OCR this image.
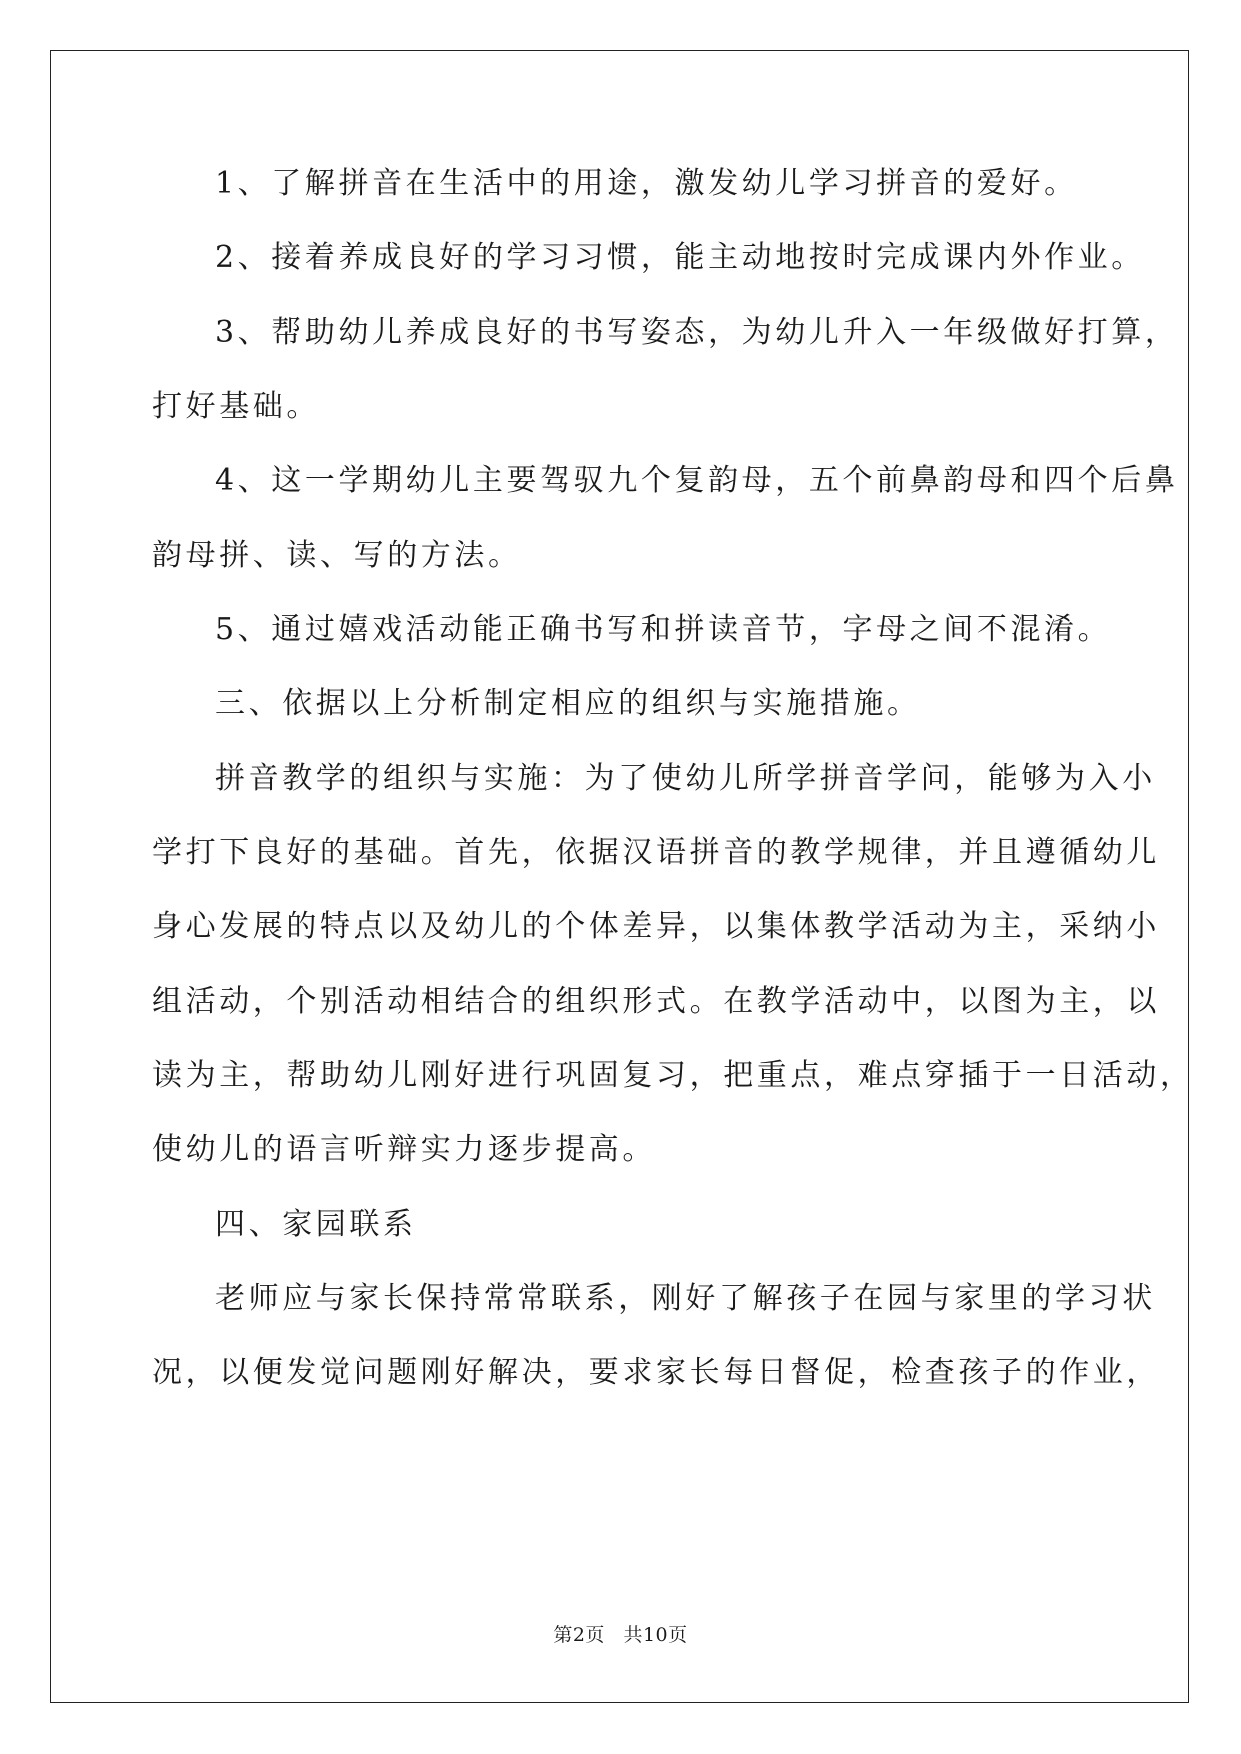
1、了解拼音在生活中的用途，激发幼儿学习拼音的爱好。
2、接着养成良好的学习习惯，能主动地按时完成课内外作业。
3、帮助幼儿养成良好的书写姿态，为幼儿升入一年级做好打算，
打好基础。
4、这一学期幼儿主要驾驭九个复韵母，五个前鼻韵母和四个后鼻
韵母拼、读、写的方法。
5、通过嬉戏活动能正确书写和拼读音节，字母之间不混淆。
三、依据以上分析制定相应的组织与实施措施。
拼音教学的组织与实施：为了使幼儿所学拼音学问，能够为入小
学打下良好的基础。首先，依据汉语拼音的教学规律，并且遵循幼儿
身心发展的特点以及幼儿的个体差异，以集体教学活动为主，采纳小
组活动，个别活动相结合的组织形式。在教学活动中，以图为主，以
读为主，帮助幼儿刚好进行巩固复习，把重点，难点穿插于一日活动，
使幼儿的语言听辩实力逐步提高。
四、家园联系
老师应与家长保持常常联系，刚好了解孩子在园与家里的学习状
况，以便发觉问题刚好解决，要求家长每日督促，检查孩子的作业，
第2页 共10页
